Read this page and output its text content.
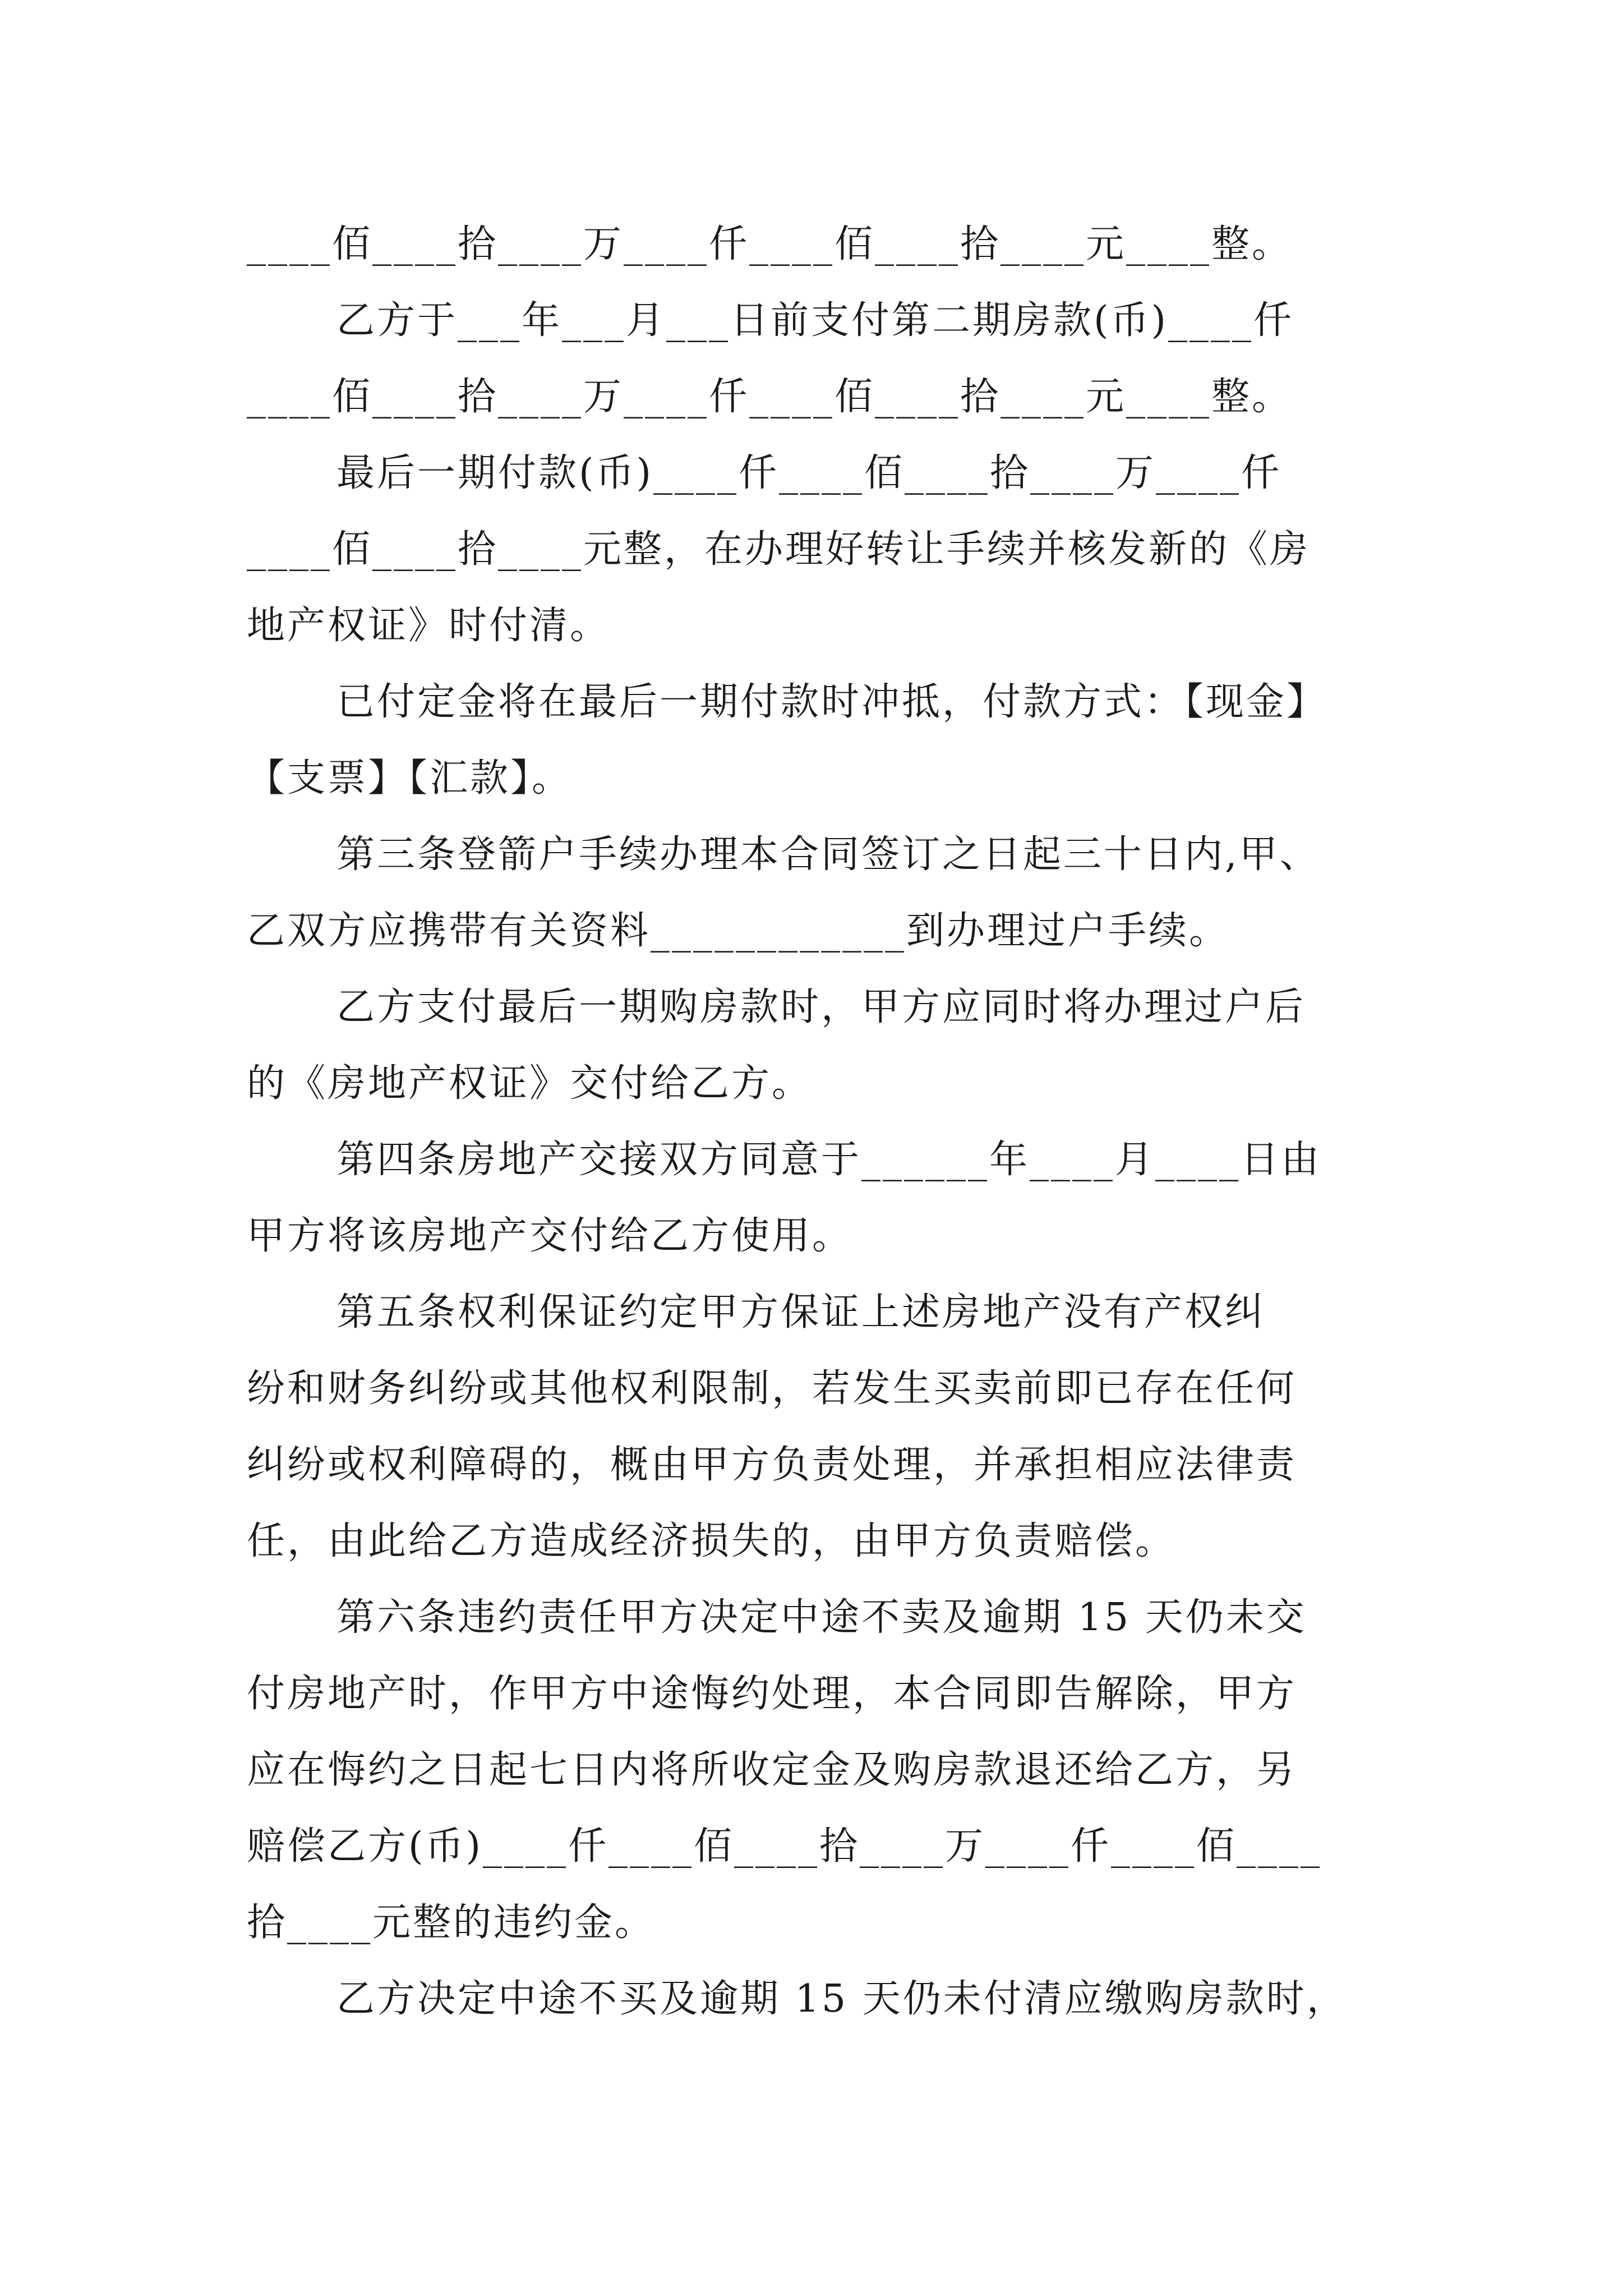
____佰____拾____万____仟____佰____拾____元____整。
乙方于___年___月___日前支付第二期房款(币)____仟
____佰____拾____万____仟____佰____拾____元____整。
最后一期付款(币)____仟____佰____拾____万____仟
____佰____拾____元整，在办理好转让手续并核发新的《房
地产权证》时付清。
已付定金将在最后一期付款时冲抵，付款方式：【现金】
【支票】【汇款】。
第三条登箭户手续办理本合同签订之日起三十日内,甲、
乙双方应携带有关资料____________到办理过户手续。
乙方支付最后一期购房款时，甲方应同时将办理过户后
的《房地产权证》交付给乙方。
第四条房地产交接双方同意于______年____月____日由
甲方将该房地产交付给乙方使用。
第五条权利保证约定甲方保证上述房地产没有产权纠
纷和财务纠纷或其他权利限制，若发生买卖前即已存在任何
纠纷或权利障碍的，概由甲方负责处理，并承担相应法律责
任，由此给乙方造成经济损失的，由甲方负责赔偿。
第六条违约责任甲方决定中途不卖及逾期 15 天仍未交
付房地产时，作甲方中途悔约处理，本合同即告解除，甲方
应在悔约之日起七日内将所收定金及购房款退还给乙方，另
赔偿乙方(币)____仟____佰____拾____万____仟____佰____
拾____元整的违约金。
乙方决定中途不买及逾期 15 天仍未付清应缴购房款时，
